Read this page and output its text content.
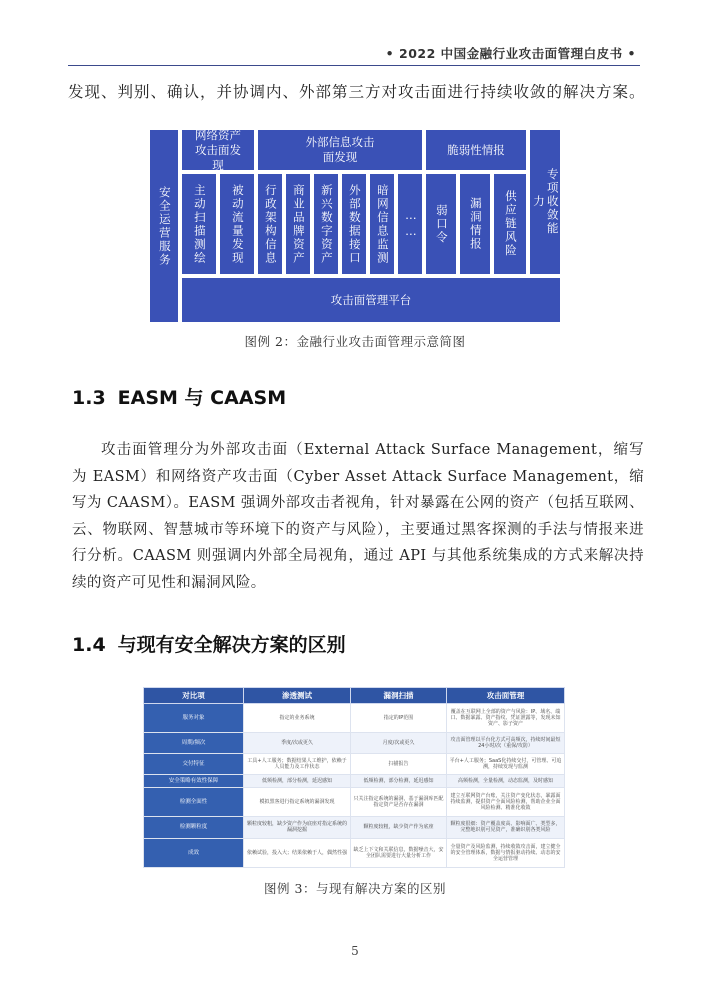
• 2022 中国金融行业攻击面管理白皮书 •
发现、判别、确认，并协调内、外部第三方对攻击面进行持续收敛的解决方案。
安全运营服务
网络资产攻击面发现
外部信息攻击面发现
脆弱性情报
主动扫描测绘 被动流量发现 行政架构信息 商业品牌资产 新兴数字资产 外部数据接口 暗网信息监测 …… 弱口令 漏洞情报 供应链风险	专项收敛能力
攻击面管理平台
图例 2：金融行业攻击面管理示意简图
1.3 EASM 与 CAASM
攻击面管理分为外部攻击面（External Attack Surface Management，缩写为 EASM）和网络资产攻击面（Cyber Asset Attack Surface Management，缩写为 CAASM）。EASM 强调外部攻击者视角，针对暴露在公网的资产（包括互联网、云、物联网、智慧城市等环境下的资产与风险），主要通过黑客探测的手法与情报来进行分析。CAASM 则强调内外部全局视角，通过 API 与其他系统集成的方式来解决持续的资产可见性和漏洞风险。
1.4 与现有安全解决方案的区别
对比项	渗透测试	漏洞扫描	攻击面管理
服务对象	指定的业务系统	指定的IP范围	覆盖在互联网上全部的资产与风险：IP、域名、端口、数据暴露、资产指纹、凭证泄露等，发现未知资产、影子资产
周期/频次	季度/次或更久	月度/次或更久	攻击面管理以平台化方式可高频次，持续时间最短24小时/次（重保/攻防）
交付特征	工具+人工服务；数据结果人工维护，依赖于人员能力及工作状态	扫描报告	平台+人工服务；SaaS化持续交付，可管理、可追溯，持续发现与监测
安全策略有效性保障	低频检测，部分检测，延迟感知	低频检测，部分检测，延迟感知	高频检测，全量检测，动态监测，及时感知
检测全面性	模拟黑客进行指定系统的漏洞发现	只关注指定系统的漏洞，基于漏洞库匹配指定资产是否存在漏洞	建立互联网资产台账，关注资产变化状态，暴露面持续监测，提供资产全面风险检测，帮助企业全面风险检测、精准化收敛
检测颗粒度	颗粒度较粗，缺少资产作为底座对指定系统的漏洞挖掘	颗粒度较粗，缺少资产作为底座	颗粒度很细：资产覆盖度高、影响面广、类型多，完整地识别可见资产，准确识别各类风险
成效	依赖试验，投入大；结果依赖于人，偶然性强	缺乏上下文和关联信息，数据噪音大，安全团队需要进行大量分析工作	全量资产及风险监测，持续收敛攻击面，建立健全的安全管理体系，数据与情报驱动持续、动态的安全运营管理
图例 3：与现有解决方案的区别
5
